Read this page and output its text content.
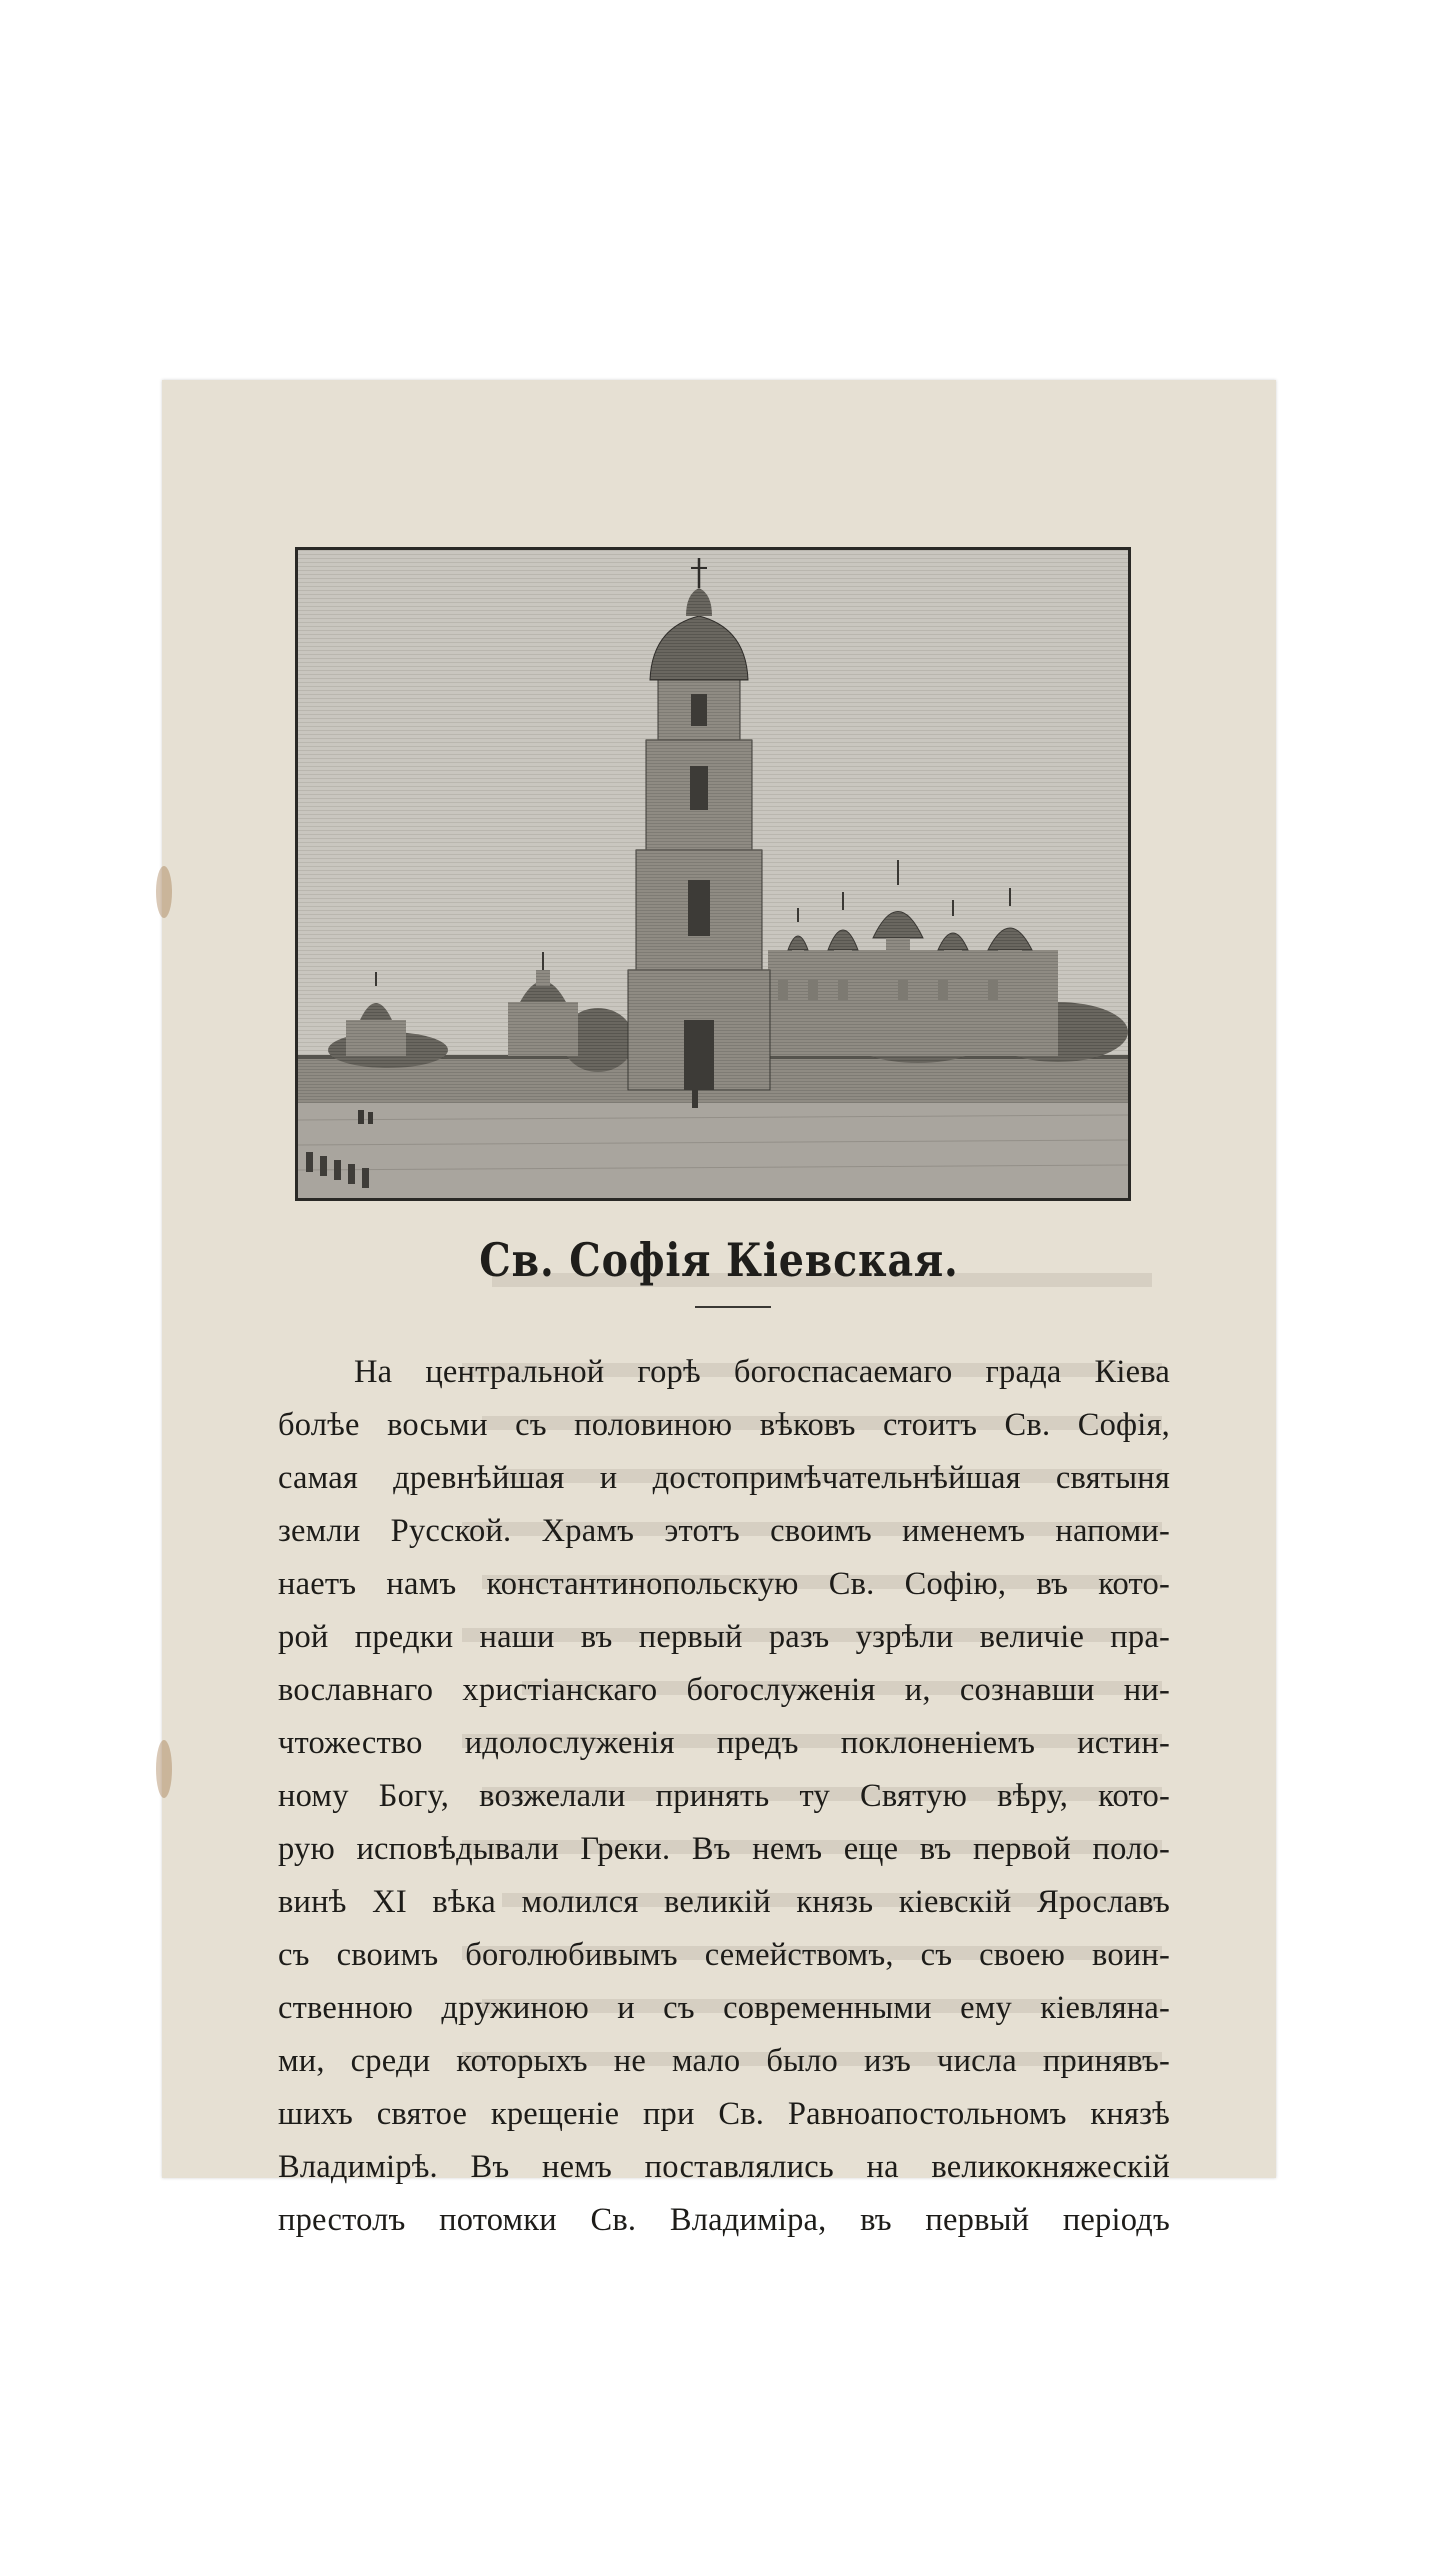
Св. Софія Кіевская.
На центральной горѣ богоспасаемаго града Кіева
болѣе восьми съ половиною вѣковъ стоитъ Св. Софія,
самая древнѣйшая и достопримѣчательнѣйшая святыня
земли Русской. Храмъ этотъ своимъ именемъ напоми-
наетъ намъ константинопольскую Св. Софію, въ кото-
рой предки наши въ первый разъ узрѣли величіе пра-
вославнаго христіанскаго богослуженія и, сознавши ни-
чтожество идолослуженія предъ поклоненіемъ истин-
ному Богу, возжелали принять ту Святую вѣру, кото-
рую исповѣдывали Греки. Въ немъ еще въ первой поло-
винѣ XI вѣка молился великій князь кіевскій Ярославъ
съ своимъ боголюбивымъ семействомъ, съ своею воин-
ственною дружиною и съ современными ему кіевляна-
ми, среди которыхъ не мало было изъ числа принявъ-
шихъ святое крещеніе при Св. Равноапостольномъ князѣ
Владимірѣ. Въ немъ поставлялись на великокняжескій
престолъ потомки Св. Владиміра, въ первый періодъ
